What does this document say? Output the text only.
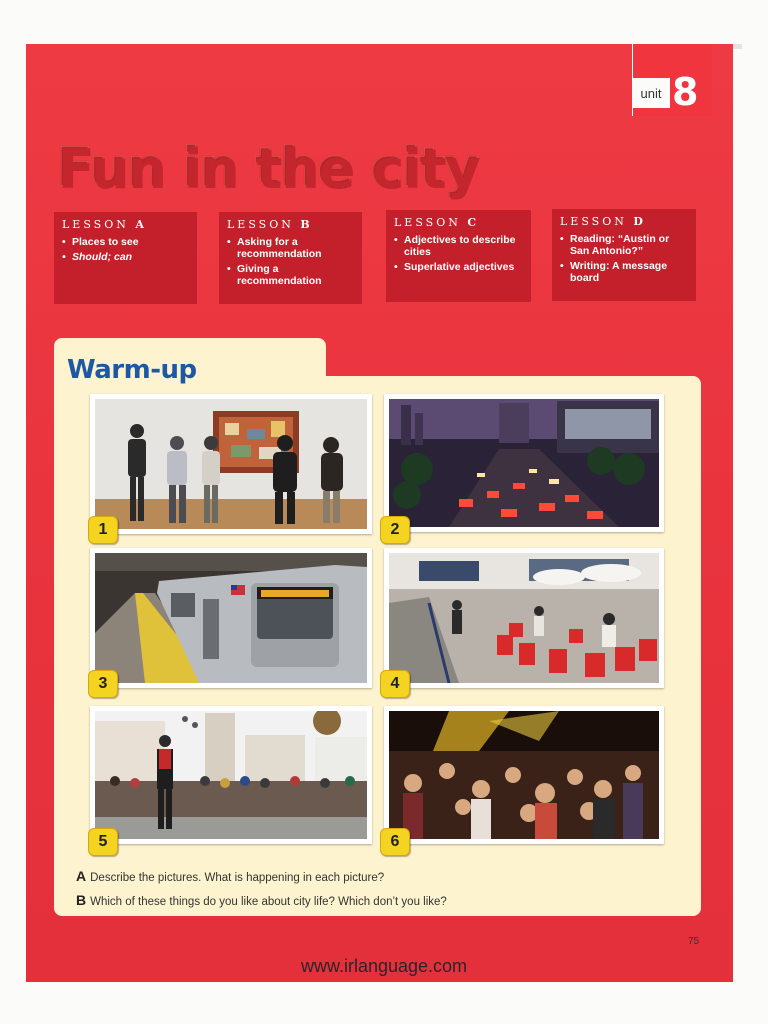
unit 8
Fun in the city
LESSON A
• Places to see
• Should; can
LESSON B
• Asking for a recommendation
• Giving a recommendation
LESSON C
• Adjectives to describe cities
• Superlative adjectives
LESSON D
• Reading: “Austin or San Antonio?”
• Writing: A message board
Warm-up
1	2
3	4
5	6
A Describe the pictures. What is happening in each picture?
B Which of these things do you like about city life? Which don’t you like?
75
www.irlanguage.com
